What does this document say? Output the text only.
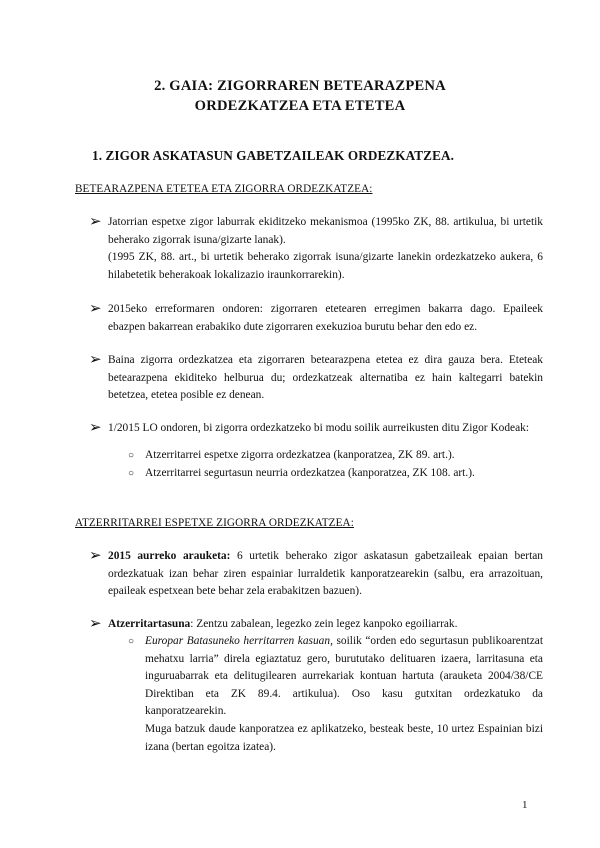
2. GAIA: ZIGORRAREN BETEARAZPENA
ORDEZKATZEA ETA ETETEA
1. ZIGOR ASKATASUN GABETZAILEAK ORDEZKATZEA.
BETEARAZPENA ETETEA ETA ZIGORRA ORDEZKATZEA:
➢ Jatorrian espetxe zigor laburrak ekiditzeko mekanismoa (1995ko ZK, 88. artikulua, bi urtetik beherako zigorrak isuna/gizarte lanak).

(1995 ZK, 88. art., bi urtetik beherako zigorrak isuna/gizarte lanekin ordezkatzeko aukera, 6 hilabetetik beherakoak lokalizazio iraunkorrarekin).

➢ 2015eko erreformaren ondoren: zigorraren etetearen erregimen bakarra dago. Epaileek ebazpen bakarrean erabakiko dute zigorraren exekuzioa burutu behar den edo ez.

➢ Baina zigorra ordezkatzea eta zigorraren betearazpena etetea ez dira gauza bera. Eteteak betearazpena ekiditeko helburua du; ordezkatzeak alternatiba ez hain kaltegarri batekin betetzea, etetea posible ez denean.

➢ 1/2015 LO ondoren, bi zigorra ordezkatzeko bi modu soilik aurreikusten ditu Zigor Kodeak:

○ Atzerritarrei espetxe zigorra ordezkatzea (kanporatzea, ZK 89. art.).

○ Atzerritarrei segurtasun neurria ordezkatzea (kanporatzea, ZK 108. art.).

ATZERRITARREI ESPETXE ZIGORRA ORDEZKATZEA:
➢ 2015 aurreko arauketa: 6 urtetik beherako zigor askatasun gabetzaileak epaian bertan ordezkatuak izan behar ziren espainiar lurraldetik kanporatzearekin (salbu, era arrazoituan, epaileak espetxean bete behar zela erabakitzen bazuen).

➢ Atzerritartasuna: Zentzu zabalean, legezko zein legez kanpoko egoiliarrak.

○ Europar Batasuneko herritarren kasuan, soilik “orden edo segurtasun publikoarentzat mehatxu larria” direla egiaztatuz gero, burututako delituaren izaera, larritasuna eta inguruabarrak eta delitugilearen aurrekariak kontuan hartuta (arauketa 2004/38/CE Direktiban eta ZK 89.4. artikulua). Oso kasu gutxitan ordezkatuko da kanporatzearekin.

Muga batzuk daude kanporatzea ez aplikatzeko, besteak beste, 10 urtez Espainian bizi izana (bertan egoitza izatea).

1
